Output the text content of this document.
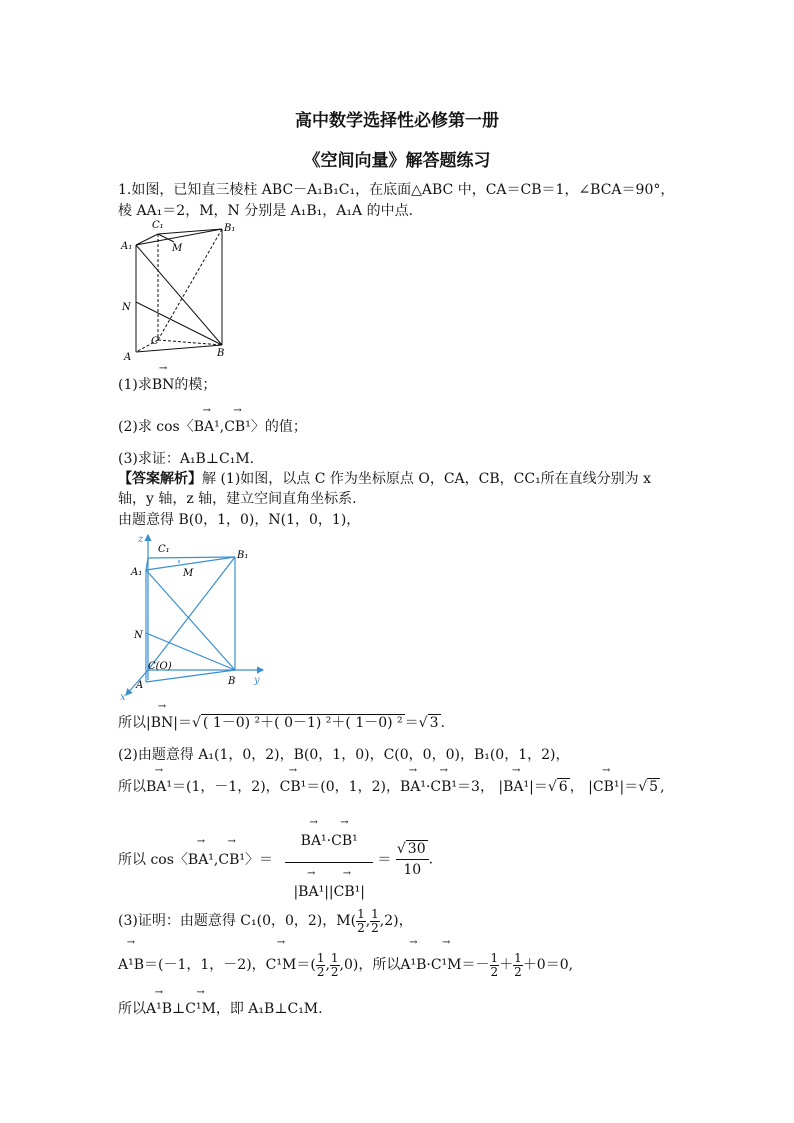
高中数学选择性必修第一册
《空间向量》解答题练习
1.如图，已知直三棱柱 ABC－A₁B₁C₁，在底面△ABC 中，CA＝CB＝1，∠BCA＝90°，
棱 AA₁＝2，M，N 分别是 A₁B₁，A₁A 的中点.
C₁
A₁	M
B₁
N
C
A	B
(1)求→ BN的模；
(2)求 cos〈→ BA¹,→ CB¹〉的值；
(3)求证：A₁B⊥C₁M.
【答案解析】解 (1)如图，以点 C 作为坐标原点 O，CA，CB，CC₁所在直线分别为 x
轴，y 轴，z 轴，建立空间直角坐标系.
由题意得 B(0，1，0)，N(1，0，1)，
z
C₁
B₁
A₁	M
N
C(O)
A	B
x
y
所以|→ BN|＝√ ( 1－0) ²＋( 0－1) ²＋( 1－0) ² ＝√ 3 .
(2)由题意得 A₁(1，0，2)，B(0，1，0)，C(0，0，0)，B₁(0，1，2)，
所以→ BA¹＝(1，－1，2)，→ CB¹＝(0，1，2)，→ BA¹·→ CB¹＝3， |→ BA¹|＝√ 6 ， |→ CB¹|＝√ 5 ,
所以 cos〈→ BA¹,→ CB¹〉＝
→ $\frac{\text{BA¹·→ CB¹}}{\text{|→ BA¹||→ CB¹|}} = \frac{√ 30}{10}$ .
(3)证明：由题意得 C₁(0，0，2)，$M( \frac{1}{2}$ , $\frac{1}{2} ,2$)，
→ A¹B＝(－1，1，－2)，→ $C^1M=( \frac{1}{2}$ , $\frac{1}{2} ,0$)，所以→ $A^1B\cdot\to C^1M=- \frac{1}{2} + \frac{1}{2} +0=0$,
所以→ A¹B⊥→ C¹M，即 A₁B⊥C₁M.
